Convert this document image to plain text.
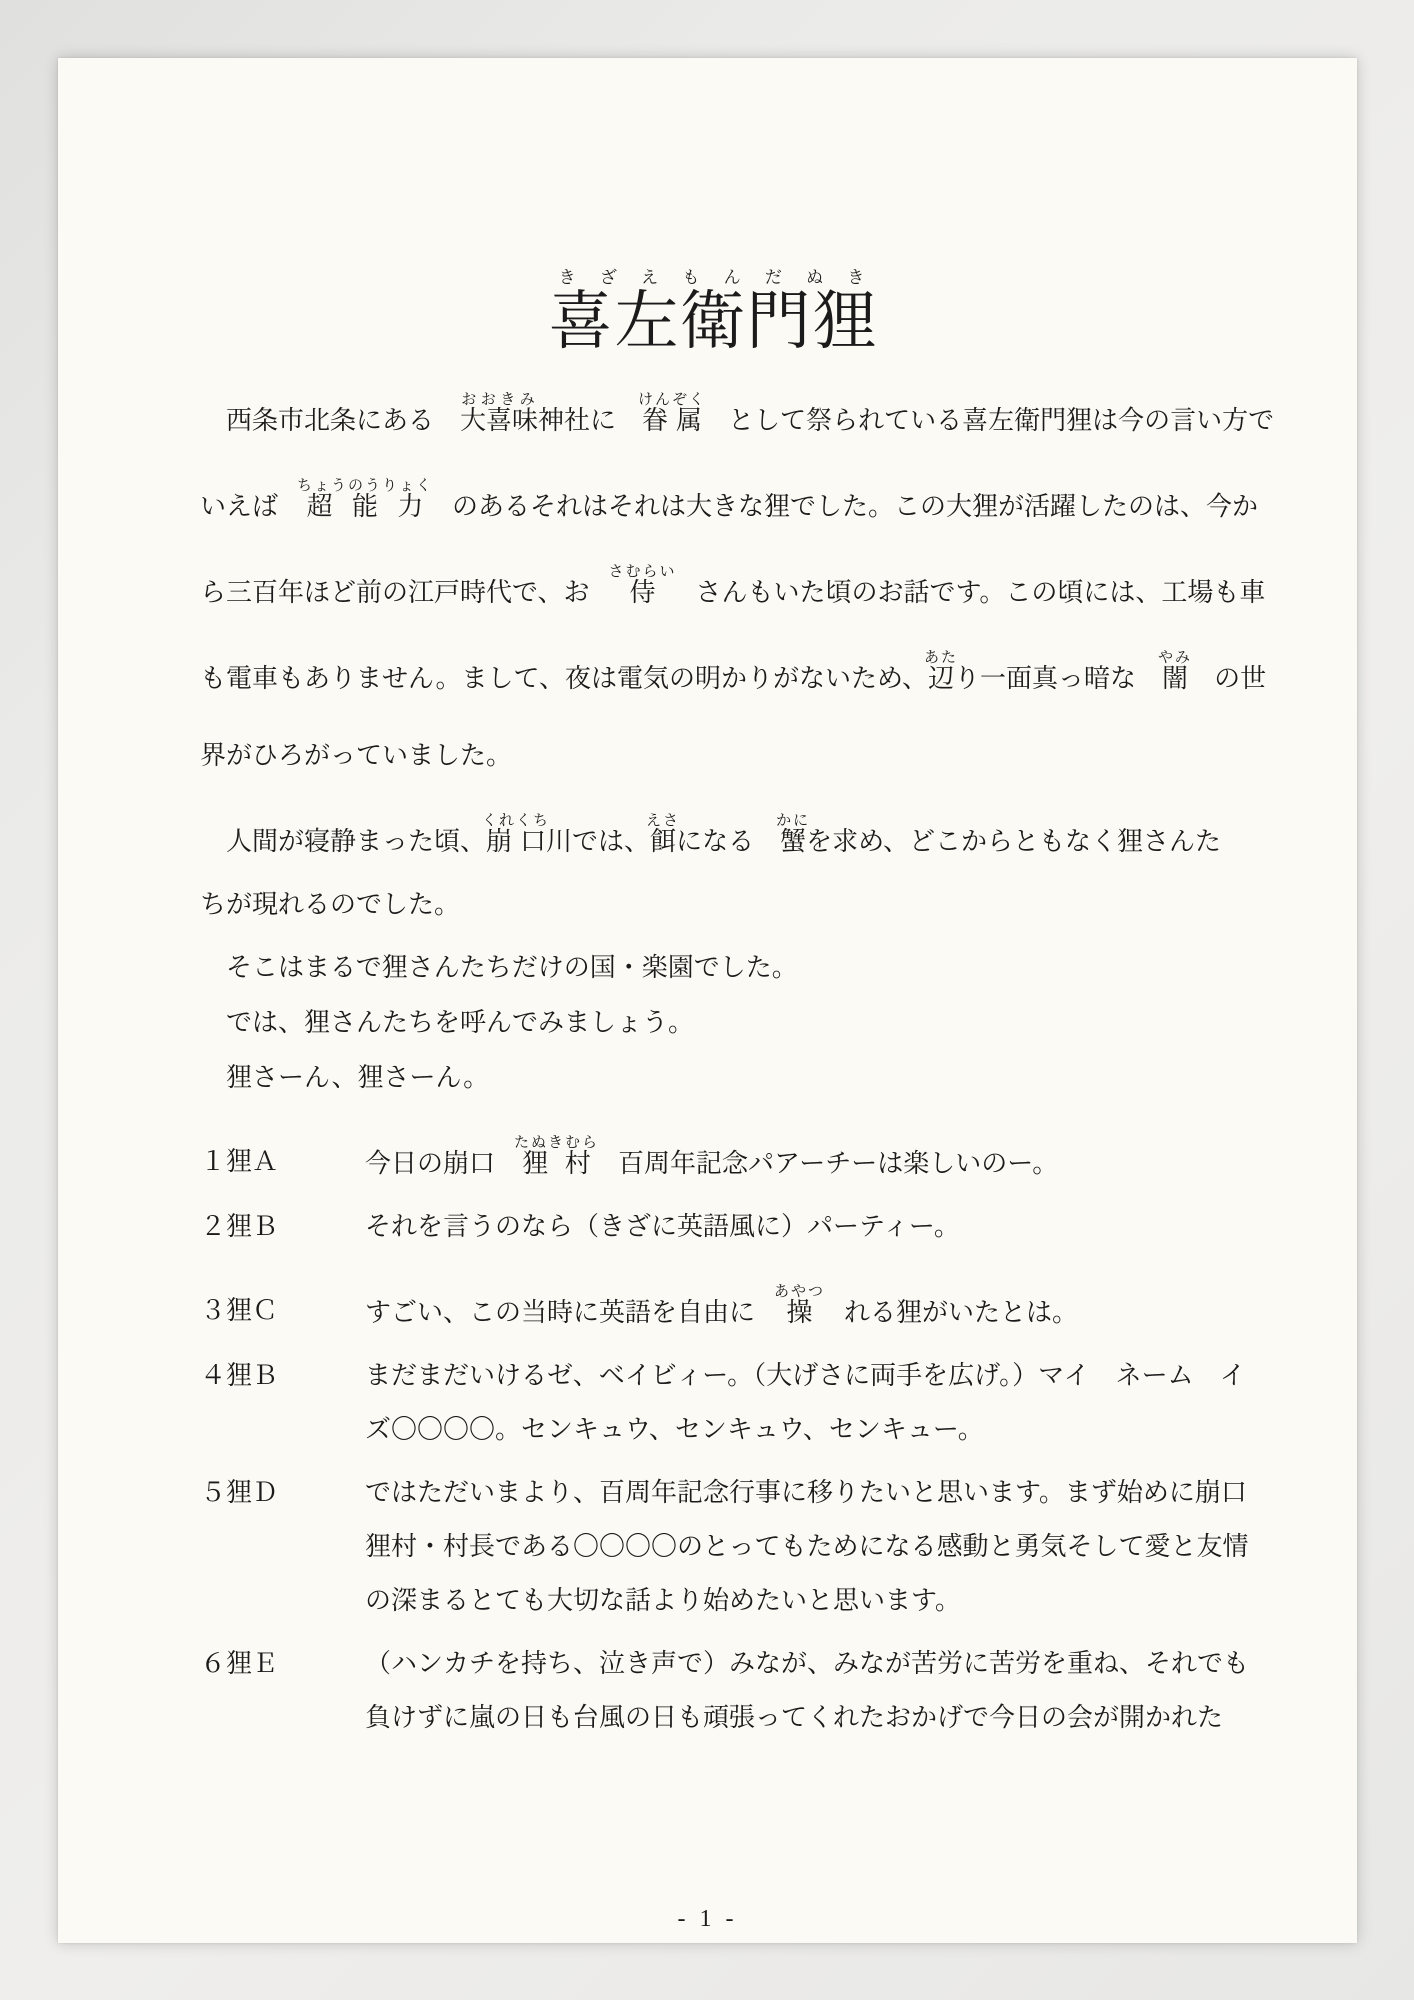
喜左衛門狸きざえもんだぬき
　西条市北条にある　大喜味おおきみ神社に　眷属けんぞく　として祭られている喜左衛門狸は今の言い方で
いえば　超能力ちょうのうりょく　のあるそれはそれは大きな狸でした。この大狸が活躍したのは、今か
ら三百年ほど前の江戸時代で、お　侍さむらい　さんもいた頃のお話です。この頃には、工場も車
も電車もありません。まして、夜は電気の明かりがないため、辺あたり一面真っ暗な　闇やみ　の世
界がひろがっていました。
　人間が寝静まった頃、崩口くれくち川では、餌えさになる　蟹かにを求め、どこからともなく狸さんた
ちが現れるのでした。
　そこはまるで狸さんたちだけの国・楽園でした。
　では、狸さんたちを呼んでみましょう。
　狸さーん、狸さーん。
１狸Ａ	今日の崩口　狸村たぬきむら　百周年記念パアーチーは楽しいのー。
２狸Ｂ	それを言うのなら（きざに英語風に）パーティー。
３狸Ｃ	すごい、この当時に英語を自由に　操あやつ　れる狸がいたとは。
４狸Ｂ	まだまだいけるゼ、ベイビィー。（大げさに両手を広げ。）マイ　ネーム　イ
ズ〇〇〇〇。センキュウ、センキュウ、センキュー。
５狸Ｄ	ではただいまより、百周年記念行事に移りたいと思います。まず始めに崩口
狸村・村長である〇〇〇〇のとってもためになる感動と勇気そして愛と友情
の深まるとても大切な話より始めたいと思います。
６狸Ｅ	（ハンカチを持ち、泣き声で）みなが、みなが苦労に苦労を重ね、それでも
負けずに嵐の日も台風の日も頑張ってくれたおかげで今日の会が開かれた
- 1 -
